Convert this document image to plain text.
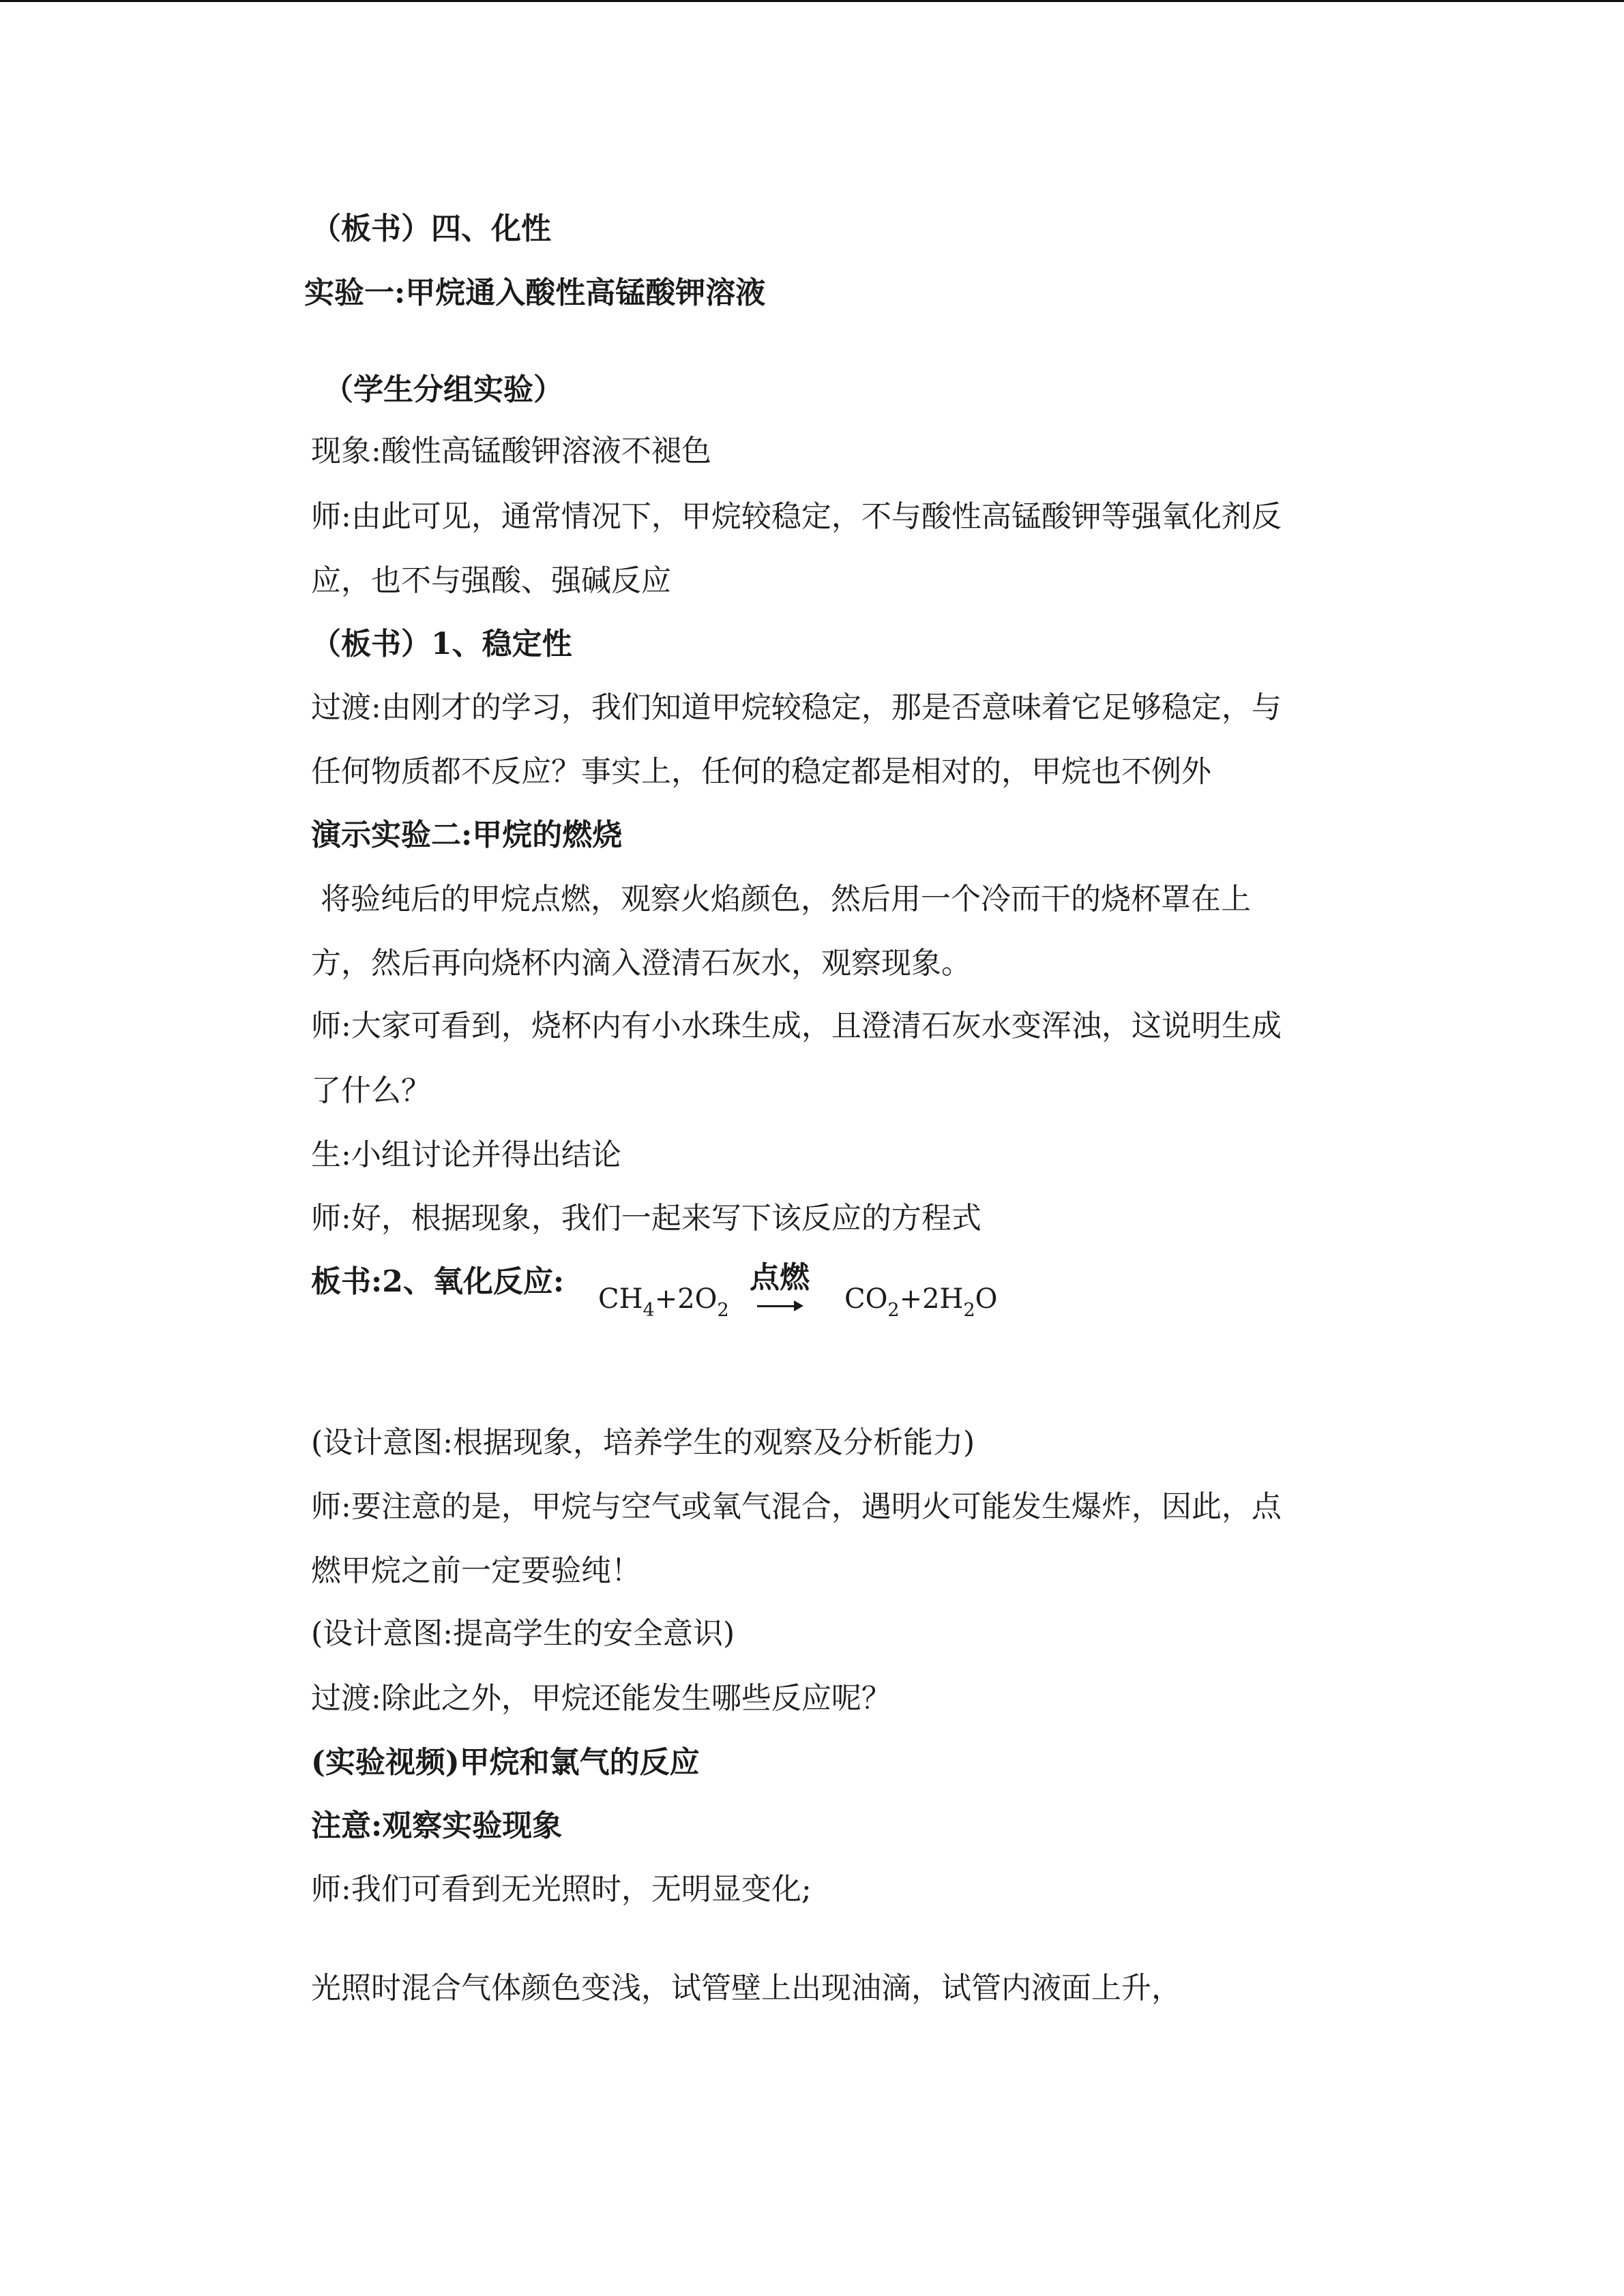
（板书）四、化性
实验一:甲烷通入酸性高锰酸钾溶液
（学生分组实验）
现象:酸性高锰酸钾溶液不褪色
师:由此可见，通常情况下，甲烷较稳定，不与酸性高锰酸钾等强氧化剂反
应，也不与强酸、强碱反应
（板书）1、稳定性
过渡:由刚才的学习，我们知道甲烷较稳定，那是否意味着它足够稳定，与
任何物质都不反应？事实上，任何的稳定都是相对的，甲烷也不例外
演示实验二:甲烷的燃烧
将验纯后的甲烷点燃，观察火焰颜色，然后用一个冷而干的烧杯罩在上
方，然后再向烧杯内滴入澄清石灰水，观察现象。
师:大家可看到，烧杯内有小水珠生成，且澄清石灰水变浑浊，这说明生成
了什么？
生:小组讨论并得出结论
师:好，根据现象，我们一起来写下该反应的方程式
板书:2、氧化反应: $CH_4+2O_2$
点燃
$CO_2+2H_2O$
(设计意图:根据现象，培养学生的观察及分析能力)
师:要注意的是，甲烷与空气或氧气混合，遇明火可能发生爆炸，因此，点
燃甲烷之前一定要验纯！
(设计意图:提高学生的安全意识)
过渡:除此之外，甲烷还能发生哪些反应呢？
(实验视频)甲烷和氯气的反应
注意:观察实验现象
师:我们可看到无光照时，无明显变化;
光照时混合气体颜色变浅，试管壁上出现油滴，试管内液面上升，
